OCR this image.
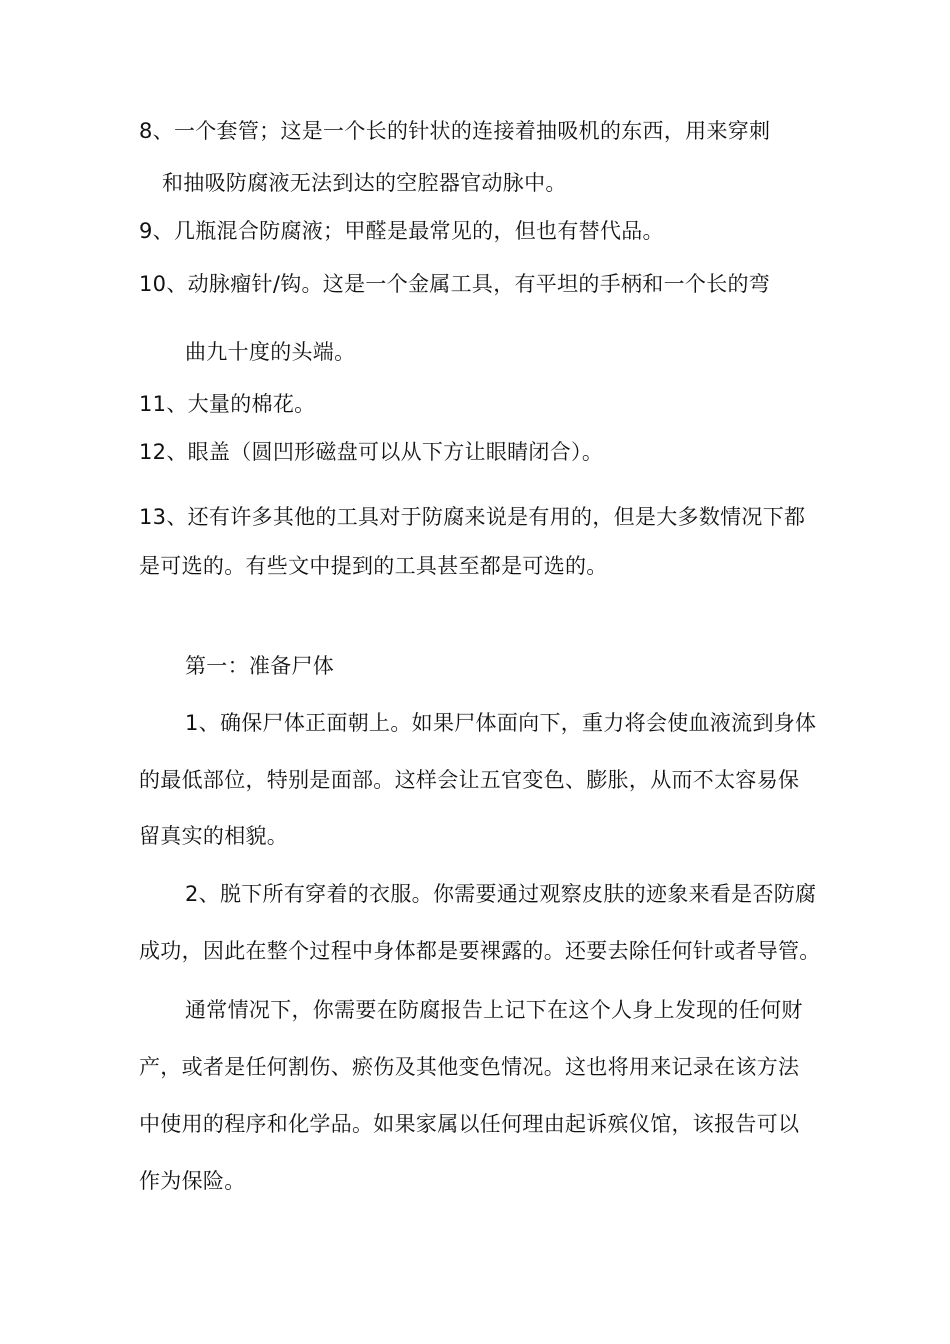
8、一个套管；这是一个长的针状的连接着抽吸机的东西，用来穿刺
和抽吸防腐液无法到达的空腔器官动脉中。
9、几瓶混合防腐液；甲醛是最常见的，但也有替代品。
10、动脉瘤针/钩。这是一个金属工具，有平坦的手柄和一个长的弯
曲九十度的头端。
11、大量的棉花。
12、眼盖（圆凹形磁盘可以从下方让眼睛闭合）。
13、还有许多其他的工具对于防腐来说是有用的，但是大多数情况下都
是可选的。有些文中提到的工具甚至都是可选的。
第一：准备尸体
1、确保尸体正面朝上。如果尸体面向下，重力将会使血液流到身体
的最低部位，特别是面部。这样会让五官变色、膨胀，从而不太容易保
留真实的相貌。
2、脱下所有穿着的衣服。你需要通过观察皮肤的迹象来看是否防腐
成功，因此在整个过程中身体都是要裸露的。还要去除任何针或者导管。
通常情况下，你需要在防腐报告上记下在这个人身上发现的任何财
产，或者是任何割伤、瘀伤及其他变色情况。这也将用来记录在该方法
中使用的程序和化学品。如果家属以任何理由起诉殡仪馆，该报告可以
作为保险。
